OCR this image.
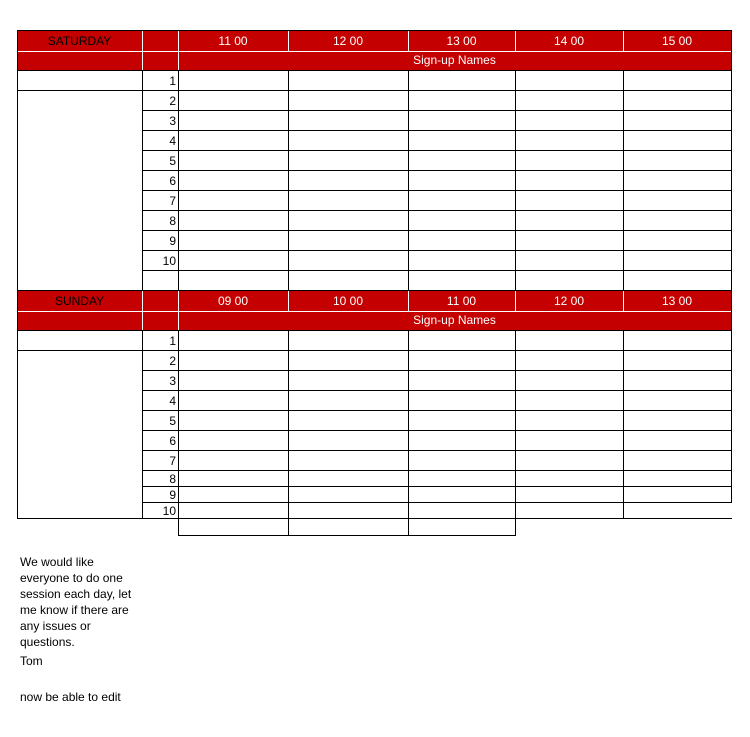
SATURDAY	11 00	12 00	13 00	14 00	15 00
Sign-up Names
1
2
3
4
5
6
7
8
9
10
SUNDAY	09 00	10 00	11 00	12 00	13 00
Sign-up Names
1
2
3
4
5
6
7
8
9
10

We would like

everyone to do one

session each day, let

me know if there are

any issues or

questions.

Tom
now be able to edit
